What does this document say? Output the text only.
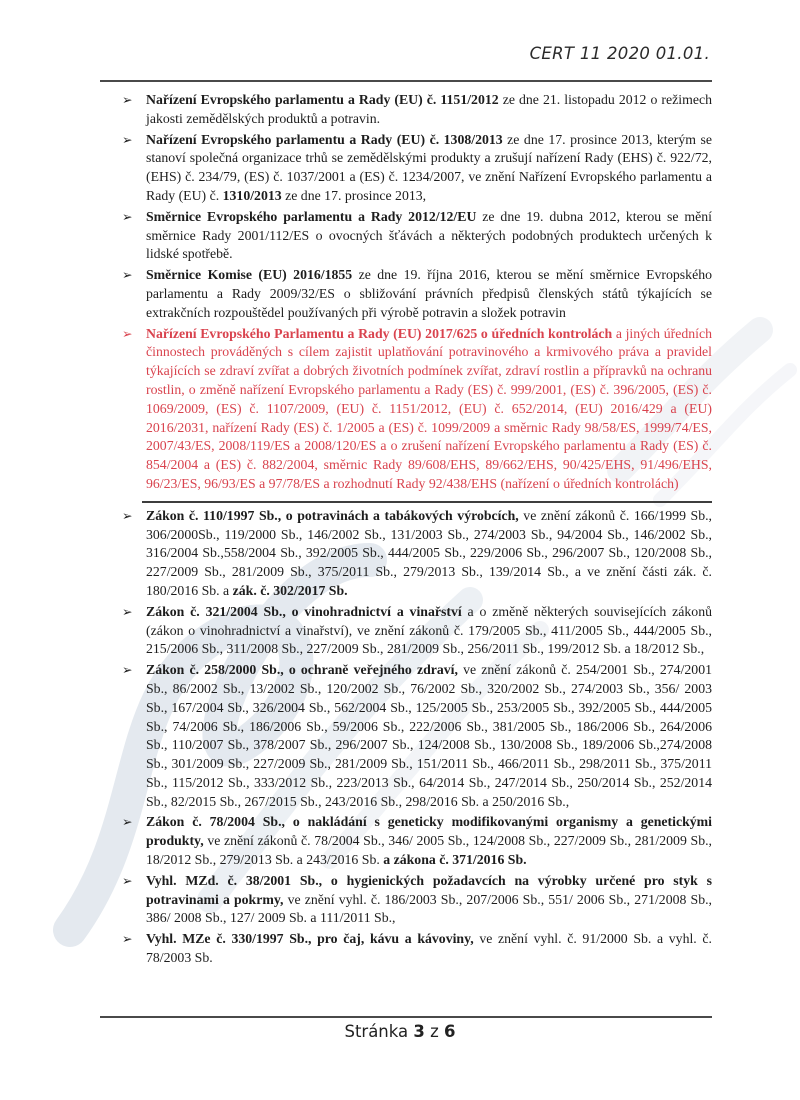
CERT 11 2020 01.01.
➢ Nařízení Evropského parlamentu a Rady (EU) č. 1151/2012 ze dne 21. listopadu 2012 o režimech jakosti zemědělských produktů a potravin.
➢ Nařízení Evropského parlamentu a Rady (EU) č. 1308/2013 ze dne 17. prosince 2013, kterým se stanoví společná organizace trhů se zemědělskými produkty a zrušují nařízení Rady (EHS) č. 922/72, (EHS) č. 234/79, (ES) č. 1037/2001 a (ES) č. 1234/2007, ve znění Nařízení Evropského parlamentu a Rady (EU) č. 1310/2013 ze dne 17. prosince 2013,
➢ Směrnice Evropského parlamentu a Rady 2012/12/EU ze dne 19. dubna 2012, kterou se mění směrnice Rady 2001/112/ES o ovocných šťávách a některých podobných produktech určených k lidské spotřebě.
➢ Směrnice Komise (EU) 2016/1855 ze dne 19. října 2016, kterou se mění směrnice Evropského parlamentu a Rady 2009/32/ES o sbližování právních předpisů členských států týkajících se extrakčních rozpouštědel používaných při výrobě potravin a složek potravin
➢ Nařízení Evropského Parlamentu a Rady (EU) 2017/625 o úředních kontrolách a jiných úředních činnostech prováděných s cílem zajistit uplatňování potravinového a krmivového práva a pravidel týkajících se zdraví zvířat a dobrých životních podmínek zvířat, zdraví rostlin a přípravků na ochranu rostlin, o změně nařízení Evropského parlamentu a Rady (ES) č. 999/2001, (ES) č. 396/2005, (ES) č. 1069/2009, (ES) č. 1107/2009, (EU) č. 1151/2012, (EU) č. 652/2014, (EU) 2016/429 a (EU) 2016/2031, nařízení Rady (ES) č. 1/2005 a (ES) č. 1099/2009 a směrnic Rady 98/58/ES, 1999/74/ES, 2007/43/ES, 2008/119/ES a 2008/120/ES a o zrušení nařízení Evropského parlamentu a Rady (ES) č. 854/2004 a (ES) č. 882/2004, směrnic Rady 89/608/EHS, 89/662/EHS, 90/425/EHS, 91/496/EHS, 96/23/ES, 96/93/ES a 97/78/ES a rozhodnutí Rady 92/438/EHS (nařízení o úředních kontrolách)
➢ Zákon č. 110/1997 Sb., o potravinách a tabákových výrobcích, ve znění zákonů č. 166/1999 Sb., 306/2000Sb., 119/2000 Sb., 146/2002 Sb., 131/2003 Sb., 274/2003 Sb., 94/2004 Sb., 146/2002 Sb., 316/2004 Sb.,558/2004 Sb., 392/2005 Sb., 444/2005 Sb., 229/2006 Sb., 296/2007 Sb., 120/2008 Sb., 227/2009 Sb., 281/2009 Sb., 375/2011 Sb., 279/2013 Sb., 139/2014 Sb., a ve znění části zák. č. 180/2016 Sb. a zák. č. 302/2017 Sb.
➢ Zákon č. 321/2004 Sb., o vinohradnictví a vinařství a o změně některých souvisejících zákonů (zákon o vinohradnictví a vinařství), ve znění zákonů č. 179/2005 Sb., 411/2005 Sb., 444/2005 Sb., 215/2006 Sb., 311/2008 Sb., 227/2009 Sb., 281/2009 Sb., 256/2011 Sb., 199/2012 Sb. a 18/2012 Sb.,
➢ Zákon č. 258/2000 Sb., o ochraně veřejného zdraví, ve znění zákonů č. 254/2001 Sb., 274/2001 Sb., 86/2002 Sb., 13/2002 Sb., 120/2002 Sb., 76/2002 Sb., 320/2002 Sb., 274/2003 Sb., 356/ 2003 Sb., 167/2004 Sb., 326/2004 Sb., 562/2004 Sb., 125/2005 Sb., 253/2005 Sb., 392/2005 Sb., 444/2005 Sb., 74/2006 Sb., 186/2006 Sb., 59/2006 Sb., 222/2006 Sb., 381/2005 Sb., 186/2006 Sb., 264/2006 Sb., 110/2007 Sb., 378/2007 Sb., 296/2007 Sb., 124/2008 Sb., 130/2008 Sb., 189/2006 Sb.,274/2008 Sb., 301/2009 Sb., 227/2009 Sb., 281/2009 Sb., 151/2011 Sb., 466/2011 Sb., 298/2011 Sb., 375/2011 Sb., 115/2012 Sb., 333/2012 Sb., 223/2013 Sb., 64/2014 Sb., 247/2014 Sb., 250/2014 Sb., 252/2014 Sb., 82/2015 Sb., 267/2015 Sb., 243/2016 Sb., 298/2016 Sb. a 250/2016 Sb.,
➢ Zákon č. 78/2004 Sb., o nakládání s geneticky modifikovanými organismy a genetickými produkty, ve znění zákonů č. 78/2004 Sb., 346/ 2005 Sb., 124/2008 Sb., 227/2009 Sb., 281/2009 Sb., 18/2012 Sb., 279/2013 Sb. a 243/2016 Sb. a zákona č. 371/2016 Sb.
➢ Vyhl. MZd. č. 38/2001 Sb., o hygienických požadavcích na výrobky určené pro styk s potravinami a pokrmy, ve znění vyhl. č. 186/2003 Sb., 207/2006 Sb., 551/ 2006 Sb., 271/2008 Sb., 386/ 2008 Sb., 127/ 2009 Sb. a 111/2011 Sb.,
➢ Vyhl. MZe č. 330/1997 Sb., pro čaj, kávu a kávoviny, ve znění vyhl. č. 91/2000 Sb. a vyhl. č. 78/2003 Sb.
Stránka 3 z 6
